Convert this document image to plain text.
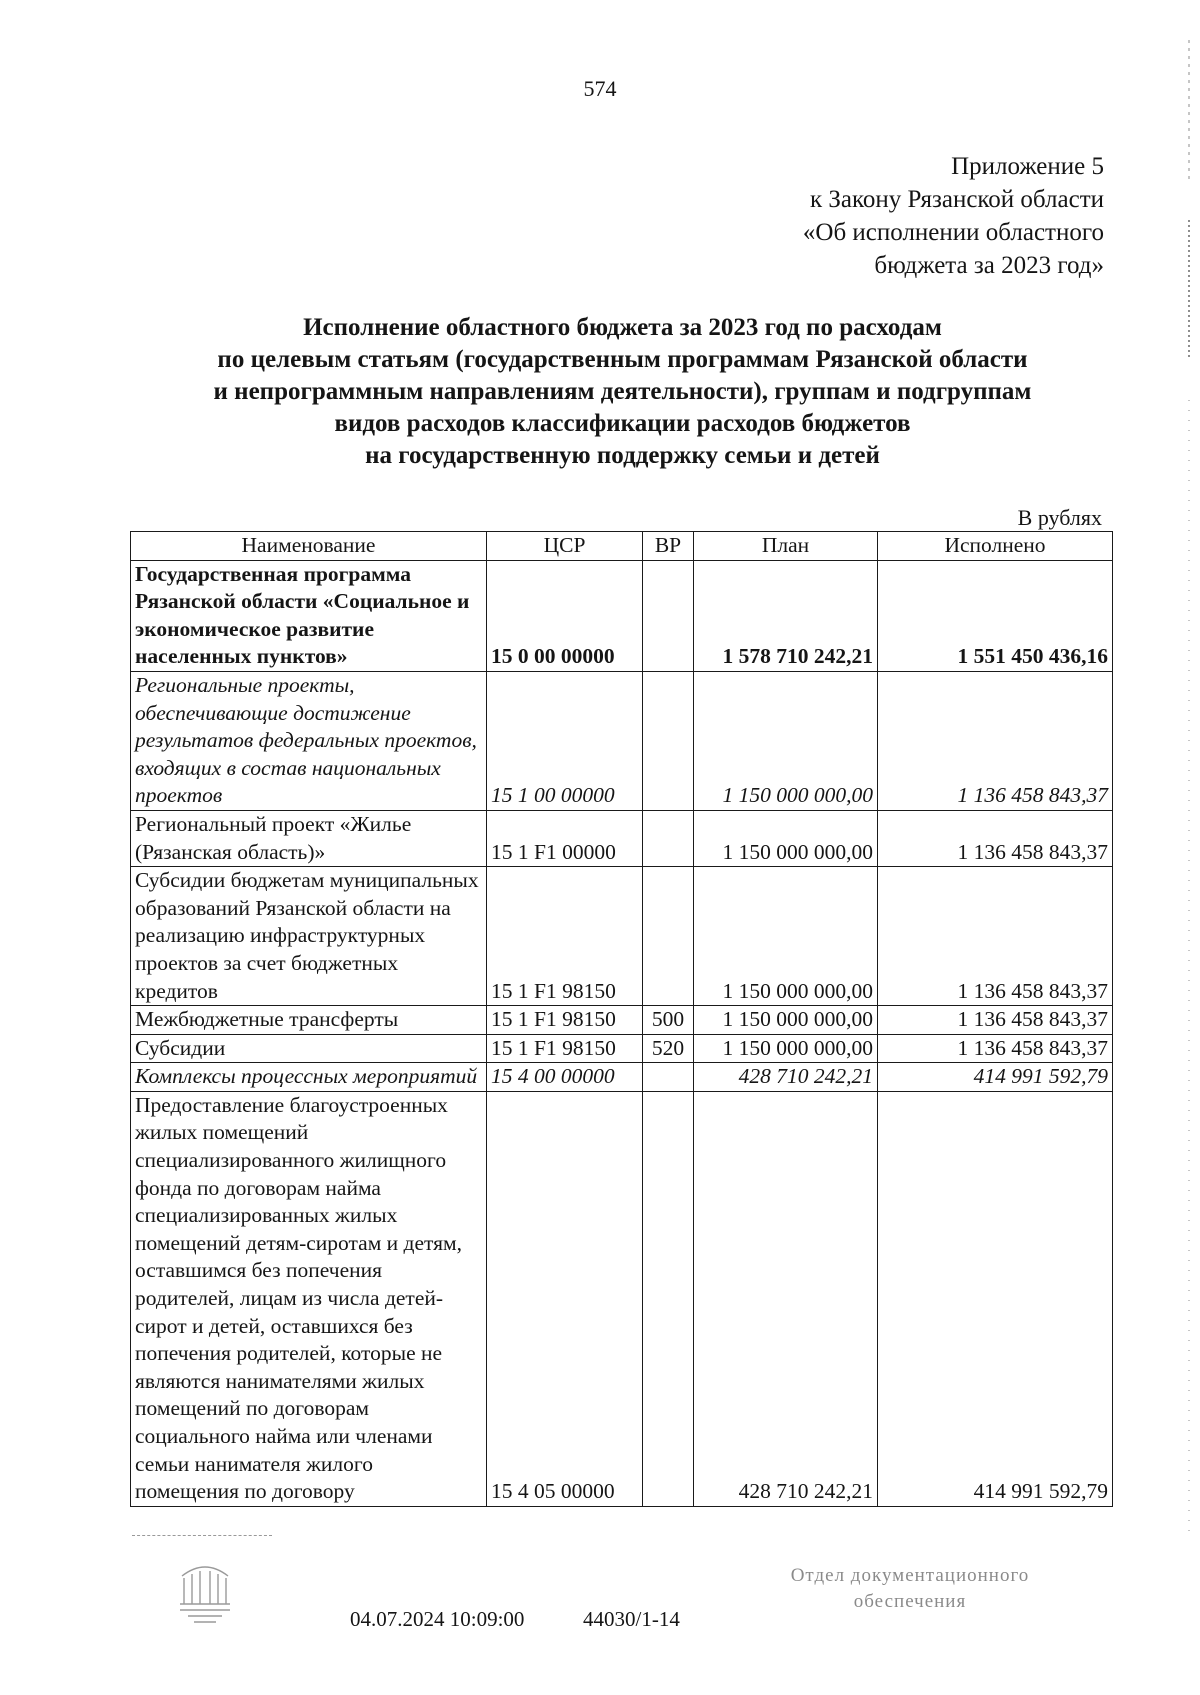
574
Приложение 5
к Закону Рязанской области
«Об исполнении областного
бюджета за 2023 год»
Исполнение областного бюджета за 2023 год по расходам
по целевым статьям (государственным программам Рязанской области
и непрограммным направлениям деятельности), группам и подгруппам
видов расходов классификации расходов бюджетов
на государственную поддержку семьи и детей
В рублях
Наименование	ЦСР	ВР	План	Исполнено
Государственная программа Рязанской области «Социальное и экономическое развитие населенных пунктов»	15 0 00 00000		1 578 710 242,21	1 551 450 436,16
Региональные проекты, обеспечивающие достижение результатов федеральных проектов, входящих в состав национальных проектов	15 1 00 00000		1 150 000 000,00	1 136 458 843,37
Региональный проект «Жилье (Рязанская область)»	15 1 F1 00000		1 150 000 000,00	1 136 458 843,37
Субсидии бюджетам муниципальных образований Рязанской области на реализацию инфраструктурных проектов за счет бюджетных кредитов	15 1 F1 98150		1 150 000 000,00	1 136 458 843,37
Межбюджетные трансферты	15 1 F1 98150	500	1 150 000 000,00	1 136 458 843,37
Субсидии	15 1 F1 98150	520	1 150 000 000,00	1 136 458 843,37
Комплексы процессных мероприятий	15 4 00 00000		428 710 242,21	414 991 592,79
Предоставление благоустроенных жилых помещений специализированного жилищного фонда по договорам найма специализированных жилых помещений детям-сиротам и детям, оставшимся без попечения родителей, лицам из числа детей-сирот и детей, оставшихся без попечения родителей, которые не являются нанимателями жилых помещений по договорам социального найма или членами семьи нанимателя жилого помещения по договору	15 4 05 00000		428 710 242,21	414 991 592,79
04.07.2024 10:09:00	44030/1-14
Отдел документационного
обеспечения
